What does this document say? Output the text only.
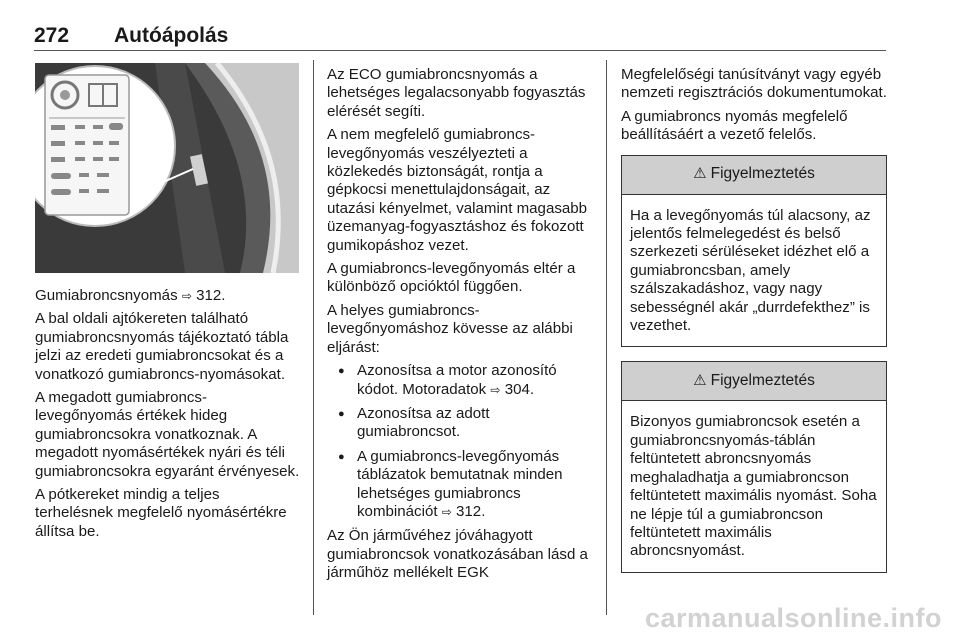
272 Autóápolás

Gumiabroncsnyomás ⇨ 312.

A bal oldali ajtókereten található gumiabroncsnyomás tájékoztató tábla jelzi az eredeti gumiabroncsokat és a vonatkozó gumiabroncs-nyomásokat.

A megadott gumiabroncs-levegőnyomás értékek hideg gumiabroncsokra vonatkoznak. A megadott nyomásértékek nyári és téli gumiabroncsokra egyaránt érvényesek.

A pótkereket mindig a teljes terhelésnek megfelelő nyomásértékre állítsa be.

Az ECO gumiabroncsnyomás a lehetséges legalacsonyabb fogyasztás elérését segíti.

A nem megfelelő gumiabroncs-levegőnyomás veszélyezteti a közlekedés biztonságát, rontja a gépkocsi menettulajdonságait, az utazási kényelmet, valamint magasabb üzemanyag-fogyasztáshoz és fokozott gumikopáshoz vezet.

A gumiabroncs-levegőnyomás eltér a különböző opcióktól függően.

A helyes gumiabroncs-levegőnyomáshoz kövesse az alábbi eljárást:

● Azonosítsa a motor azonosító kódot. Motoradatok ⇨ 304.
● Azonosítsa az adott gumiabroncsot.
● A gumiabroncs-levegőnyomás táblázatok bemutatnak minden lehetséges gumiabroncs kombinációt ⇨ 312.

Az Ön járművéhez jóváhagyott gumiabroncsok vonatkozásában lásd a járműhöz mellékelt EGK

Megfelelőségi tanúsítványt vagy egyéb nemzeti regisztrációs dokumentumokat.

A gumiabroncs nyomás megfelelő beállításáért a vezető felelős.

⚠ Figyelmeztetés
Ha a levegőnyomás túl alacsony, az jelentős felmelegedést és belső szerkezeti sérüléseket idézhet elő a gumiabroncsban, amely szálszakadáshoz, vagy nagy sebességnél akár „durrdefekthez” is vezethet.
⚠ Figyelmeztetés
Bizonyos gumiabroncsok esetén a gumiabroncsnyomás-táblán feltüntetett abroncsnyomás meghaladhatja a gumiabroncson feltüntetett maximális nyomást. Soha ne lépje túl a gumiabroncson feltüntetett maximális abroncsnyomást.
carmanualsonline.info
